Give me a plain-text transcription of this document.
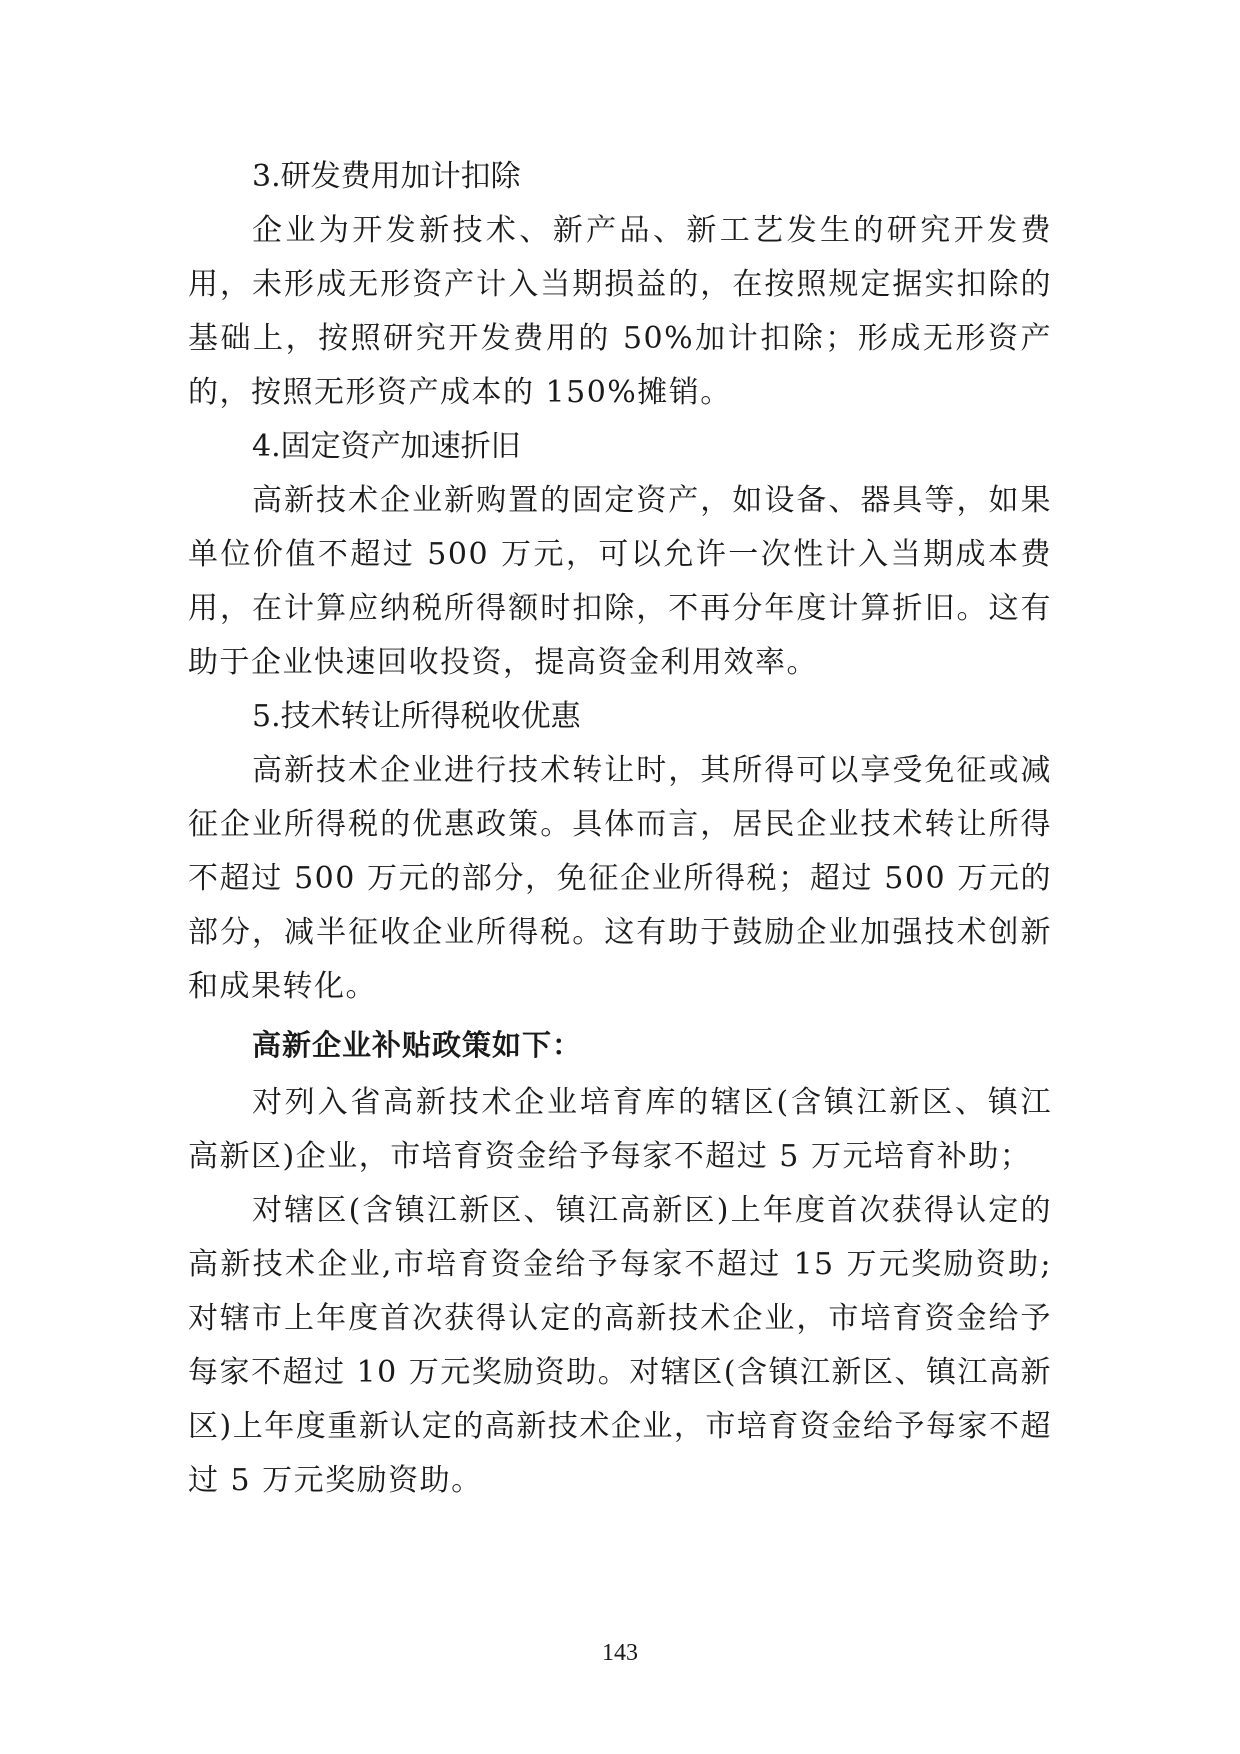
3.研发费用加计扣除

企业为开发新技术、新产品、新工艺发生的研究开发费用，未形成无形资产计入当期损益的，在按照规定据实扣除的基础上，按照研究开发费用的 50%加计扣除；形成无形资产的，按照无形资产成本的 150%摊销。

4.固定资产加速折旧

高新技术企业新购置的固定资产，如设备、器具等，如果单位价值不超过 500 万元，可以允许一次性计入当期成本费用，在计算应纳税所得额时扣除，不再分年度计算折旧。这有助于企业快速回收投资，提高资金利用效率。

5.技术转让所得税收优惠

高新技术企业进行技术转让时，其所得可以享受免征或减征企业所得税的优惠政策。具体而言，居民企业技术转让所得不超过 500 万元的部分，免征企业所得税；超过 500 万元的部分，减半征收企业所得税。这有助于鼓励企业加强技术创新和成果转化。

高新企业补贴政策如下：

对列入省高新技术企业培育库的辖区(含镇江新区、镇江高新区)企业，市培育资金给予每家不超过 5 万元培育补助；

对辖区(含镇江新区、镇江高新区)上年度首次获得认定的高新技术企业,市培育资金给予每家不超过 15 万元奖励资助;对辖市上年度首次获得认定的高新技术企业，市培育资金给予每家不超过 10 万元奖励资助。对辖区(含镇江新区、镇江高新区)上年度重新认定的高新技术企业，市培育资金给予每家不超过 5 万元奖励资助。

143
